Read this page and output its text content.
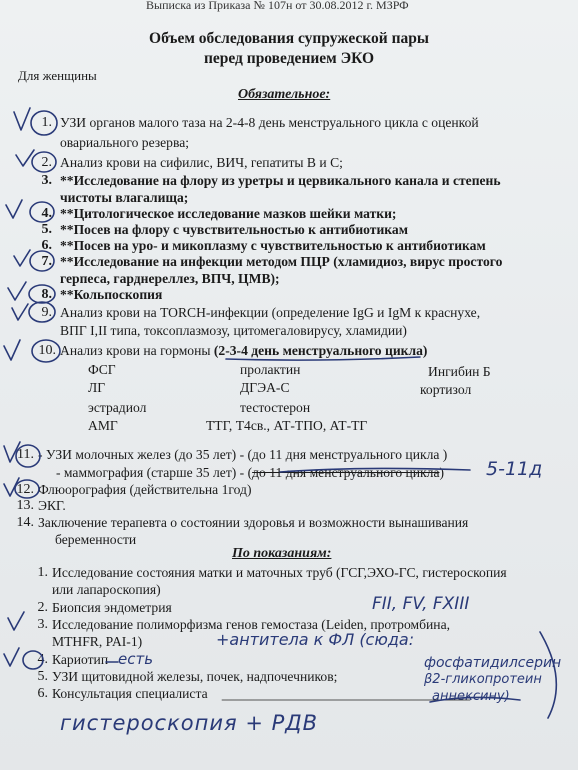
Выписка из Приказа № 107н от 30.08.2012 г. МЗРФ
Объем обследования супружеской пары
перед проведением ЭКО
Для женщины
Обязательное:
1. УЗИ органов малого таза на 2-4-8 день менструального цикла с оценкой
овариального резерва;
2. Анализ крови на сифилис, ВИЧ, гепатиты В и С;
3. **Исследование на флору из уретры и цервикального канала и степень
чистоты влагалища;
4. **Цитологическое исследование мазков шейки матки;
5. **Посев на флору с чувствительностью к антибиотикам
6. **Посев на уро- и микоплазму с чувствительностью к антибиотикам
7. **Исследование на инфекции методом ПЦР (хламидиоз, вирус простого
герпеса, гарднереллез, ВПЧ, ЦМВ);
8. **Кольпоскопия
9. Анализ крови на TORCH-инфекции (определение IgG и IgM к краснухе,
ВПГ I,II типа, токсоплазмозу, цитомегаловирусу, хламидии)
10. Анализ крови на гормоны (2-3-4 день менструального цикла)
ФСГ	пролактин	Ингибин Б
ЛГ	ДГЭА-С	кортизол
эстрадиол	тестостерон
АМГ	ТТГ, Т4св., АТ-ТПО, АТ-ТГ
11. - УЗИ молочных желез (до 35 лет) - (до 11 дня менструального цикла )
- маммография (старше 35 лет) - (до 11 дня менструального цикла)
12. Флюорография (действительна 1год)
13. ЭКГ.
14. Заключение терапевта о состоянии здоровья и возможности вынашивания
беременности
По показаниям:
1. Исследование состояния матки и маточных труб (ГСГ,ЭХО-ГС, гистероскопия
или лапароскопия)
2. Биопсия эндометрия
3. Исследование полиморфизма генов гемостаза (Leiden, протромбина,
MTHFR, PAI-1)
4. Кариотип
5. УЗИ щитовидной железы, почек, надпочечников;
6. Консультация специалиста
5-11д
FII, FV, FXIII
+антитела к ФЛ (сюда:
есть	фосфатидилсерин
β2-гликопротеин
аннексину)
гистероскопия + РДВ
